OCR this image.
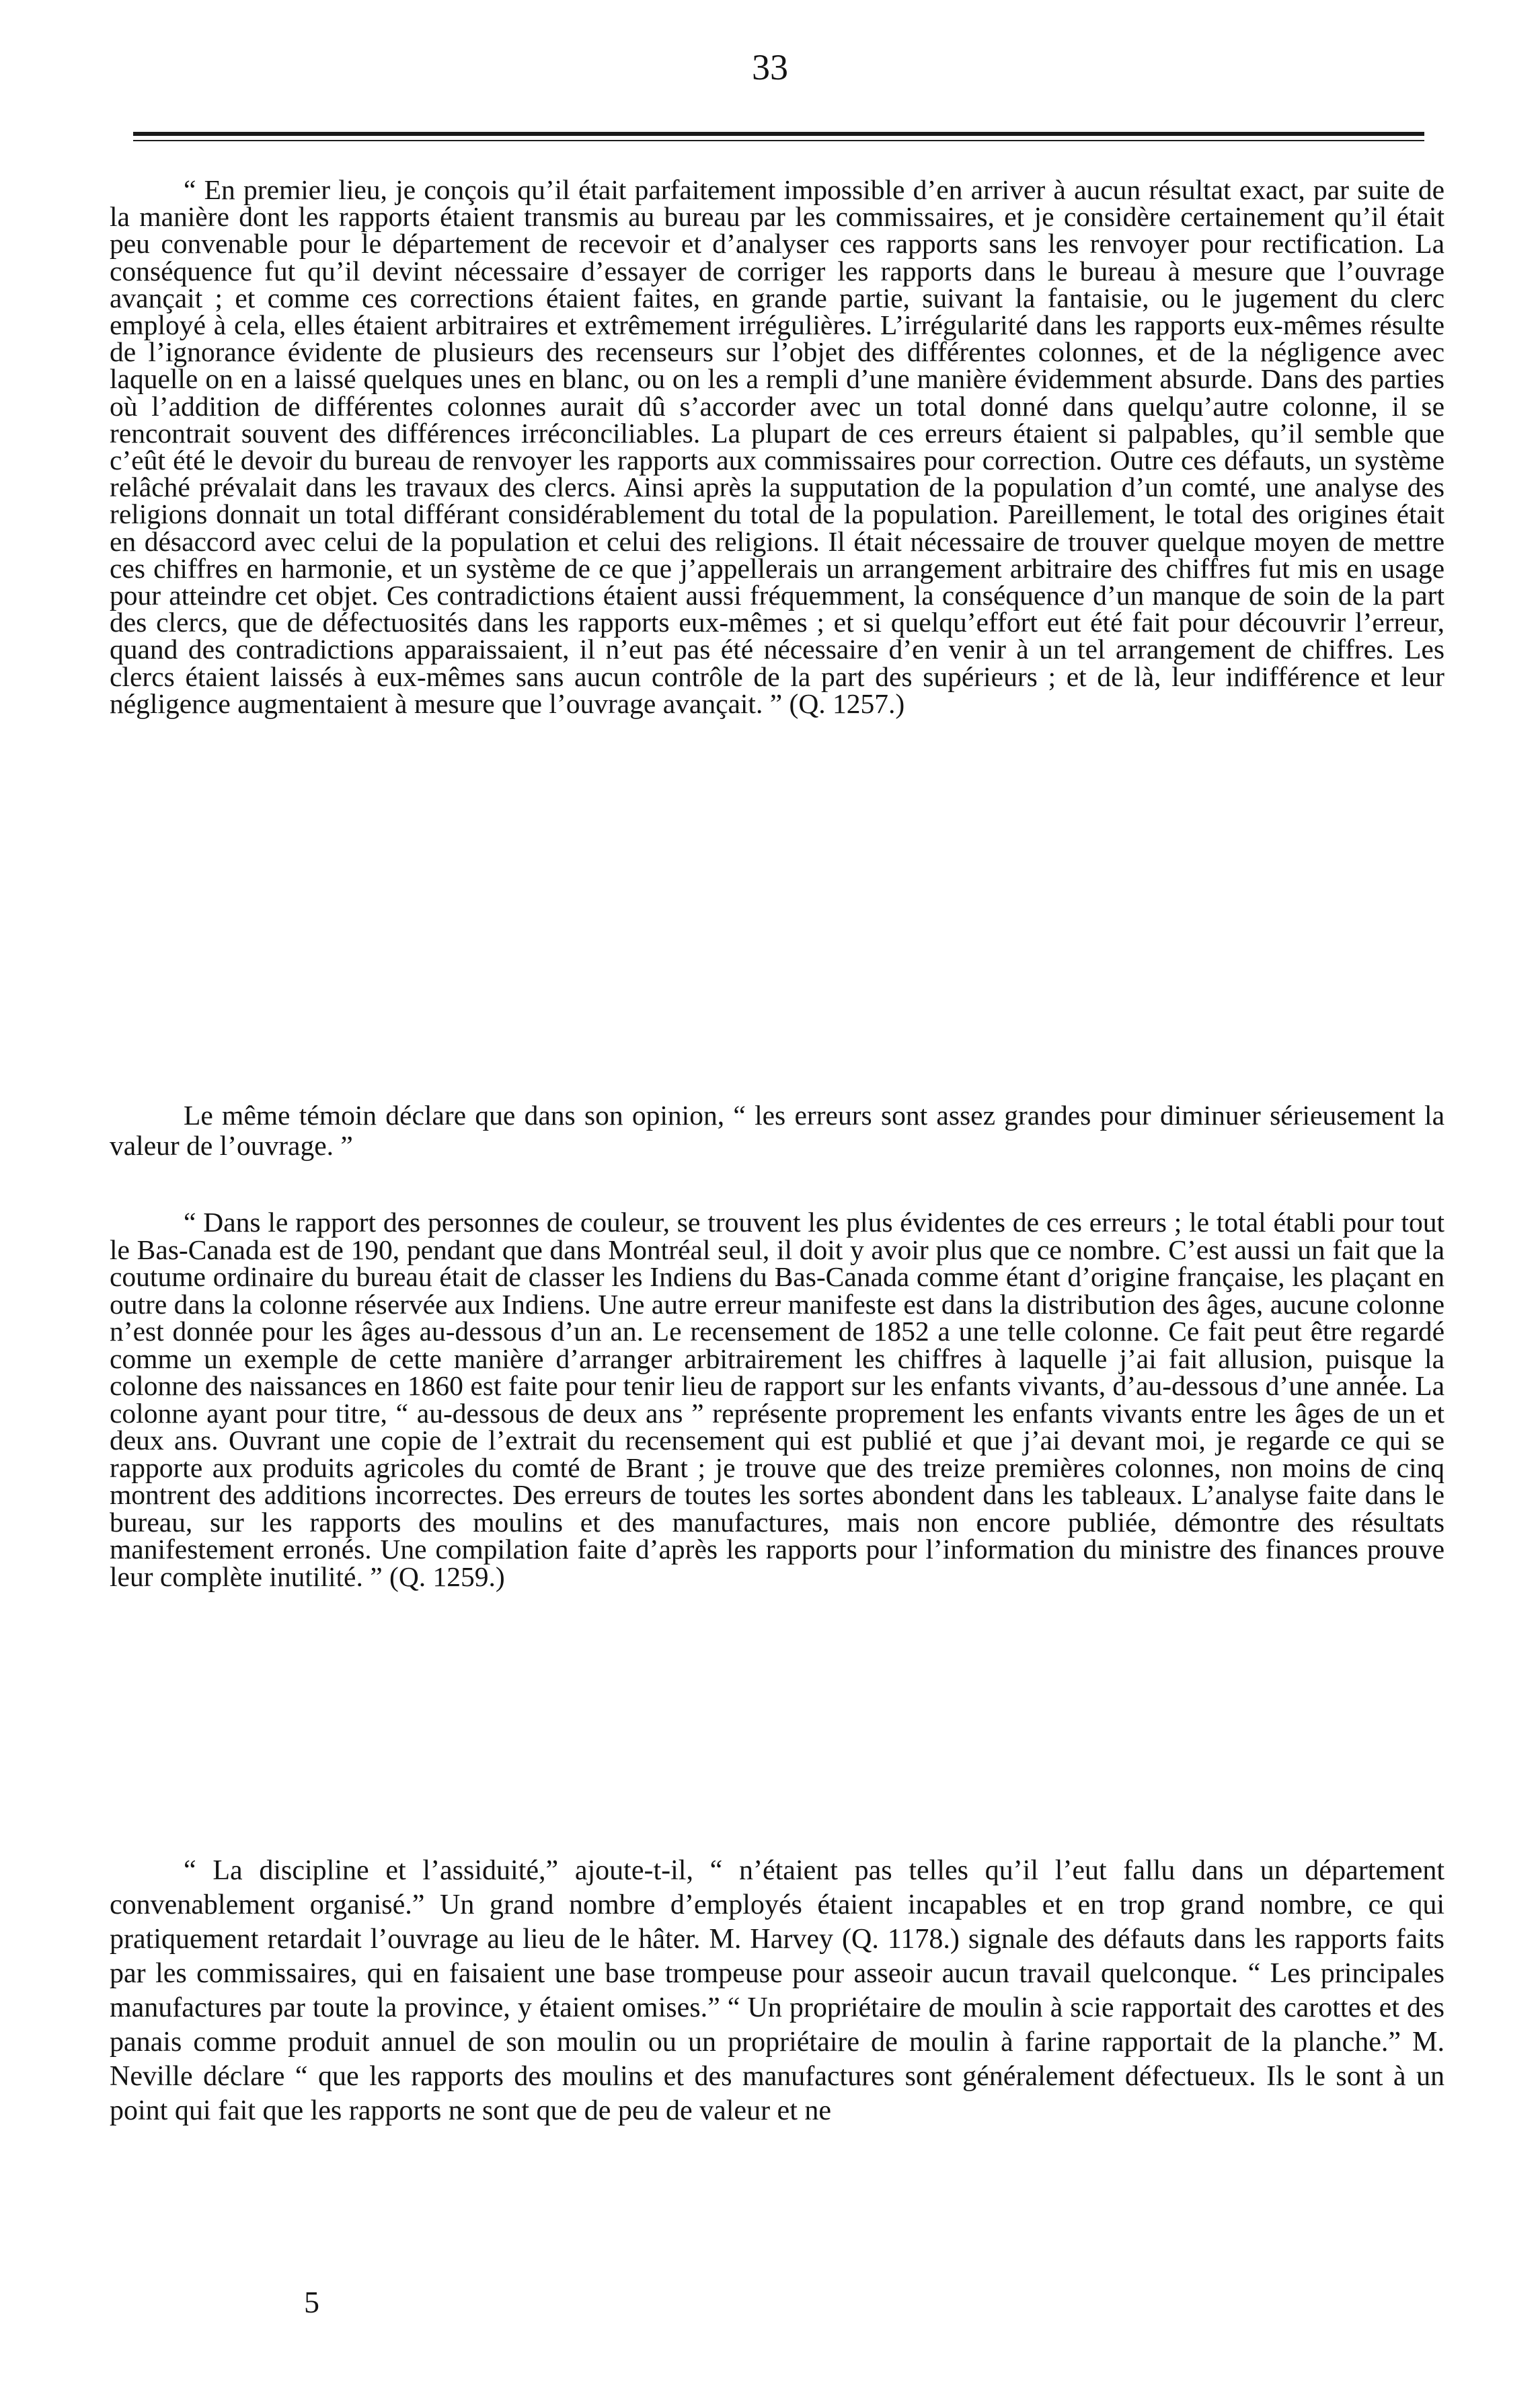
33

“ En premier lieu, je conçois qu’il était parfaitement impossible d’en arriver à aucun résultat exact, par suite de la manière dont les rapports étaient transmis au bureau par les commissaires, et je considère certainement qu’il était peu convenable pour le département de recevoir et d’analyser ces rapports sans les renvoyer pour rectification. La conséquence fut qu’il devint nécessaire d’essayer de corriger les rapports dans le bureau à mesure que l’ouvrage avançait ; et comme ces corrections étaient faites, en grande partie, suivant la fantaisie, ou le jugement du clerc employé à cela, elles étaient arbitraires et extrêmement irrégulières. L’irrégularité dans les rapports eux-mêmes résulte de l’ignorance évidente de plusieurs des recenseurs sur l’objet des différentes colonnes, et de la négligence avec laquelle on en a laissé quelques unes en blanc, ou on les a rempli d’une manière évidemment absurde. Dans des parties où l’addition de différentes colonnes aurait dû s’accorder avec un total donné dans quelqu’autre colonne, il se rencontrait souvent des différences irréconciliables. La plupart de ces erreurs étaient si palpables, qu’il semble que c’eût été le devoir du bureau de renvoyer les rapports aux commissaires pour correction. Outre ces défauts, un système relâché prévalait dans les travaux des clercs. Ainsi après la supputation de la population d’un comté, une analyse des religions donnait un total différant considérablement du total de la population. Pareillement, le total des origines était en désaccord avec celui de la population et celui des religions. Il était nécessaire de trouver quelque moyen de mettre ces chiffres en harmonie, et un système de ce que j’appellerais un arrangement arbitraire des chiffres fut mis en usage pour atteindre cet objet. Ces contradictions étaient aussi fréquemment, la conséquence d’un manque de soin de la part des clercs, que de défectuosités dans les rapports eux-mêmes ; et si quelqu’effort eut été fait pour découvrir l’erreur, quand des contradictions apparaissaient, il n’eut pas été nécessaire d’en venir à un tel arrangement de chiffres. Les clercs étaient laissés à eux-mêmes sans aucun contrôle de la part des supérieurs ; et de là, leur indifférence et leur négligence augmentaient à mesure que l’ouvrage avançait. ” (Q. 1257.)

Le même témoin déclare que dans son opinion, “ les erreurs sont assez grandes pour diminuer sérieusement la valeur de l’ouvrage. ”

“ Dans le rapport des personnes de couleur, se trouvent les plus évidentes de ces erreurs ; le total établi pour tout le Bas-Canada est de 190, pendant que dans Montréal seul, il doit y avoir plus que ce nombre. C’est aussi un fait que la coutume ordinaire du bureau était de classer les Indiens du Bas-Canada comme étant d’origine française, les plaçant en outre dans la colonne réservée aux Indiens. Une autre erreur manifeste est dans la distribution des âges, aucune colonne n’est donnée pour les âges au-dessous d’un an. Le recensement de 1852 a une telle colonne. Ce fait peut être regardé comme un exemple de cette manière d’arranger arbitrairement les chiffres à laquelle j’ai fait allusion, puisque la colonne des naissances en 1860 est faite pour tenir lieu de rapport sur les enfants vivants, d’au-dessous d’une année. La colonne ayant pour titre, “ au-dessous de deux ans ” représente proprement les enfants vivants entre les âges de un et deux ans. Ouvrant une copie de l’extrait du recensement qui est publié et que j’ai devant moi, je regarde ce qui se rapporte aux produits agricoles du comté de Brant ; je trouve que des treize premières colonnes, non moins de cinq montrent des additions incorrectes. Des erreurs de toutes les sortes abondent dans les tableaux. L’analyse faite dans le bureau, sur les rapports des moulins et des manufactures, mais non encore publiée, démontre des résultats manifestement erronés. Une compilation faite d’après les rapports pour l’information du ministre des finances prouve leur complète inutilité. ” (Q. 1259.)

“ La discipline et l’assiduité,” ajoute-t-il, “ n’étaient pas telles qu’il l’eut fallu dans un département convenablement organisé.” Un grand nombre d’employés étaient incapables et en trop grand nombre, ce qui pratiquement retardait l’ouvrage au lieu de le hâter. M. Harvey (Q. 1178.) signale des défauts dans les rapports faits par les commissaires, qui en faisaient une base trompeuse pour asseoir aucun travail quelconque. “ Les principales manufactures par toute la province, y étaient omises.” “ Un propriétaire de moulin à scie rapportait des carottes et des panais comme produit annuel de son moulin ou un propriétaire de moulin à farine rapportait de la planche.” M. Neville déclare “ que les rapports des moulins et des manufactures sont généralement défectueux. Ils le sont à un point qui fait que les rapports ne sont que de peu de valeur et ne

5
